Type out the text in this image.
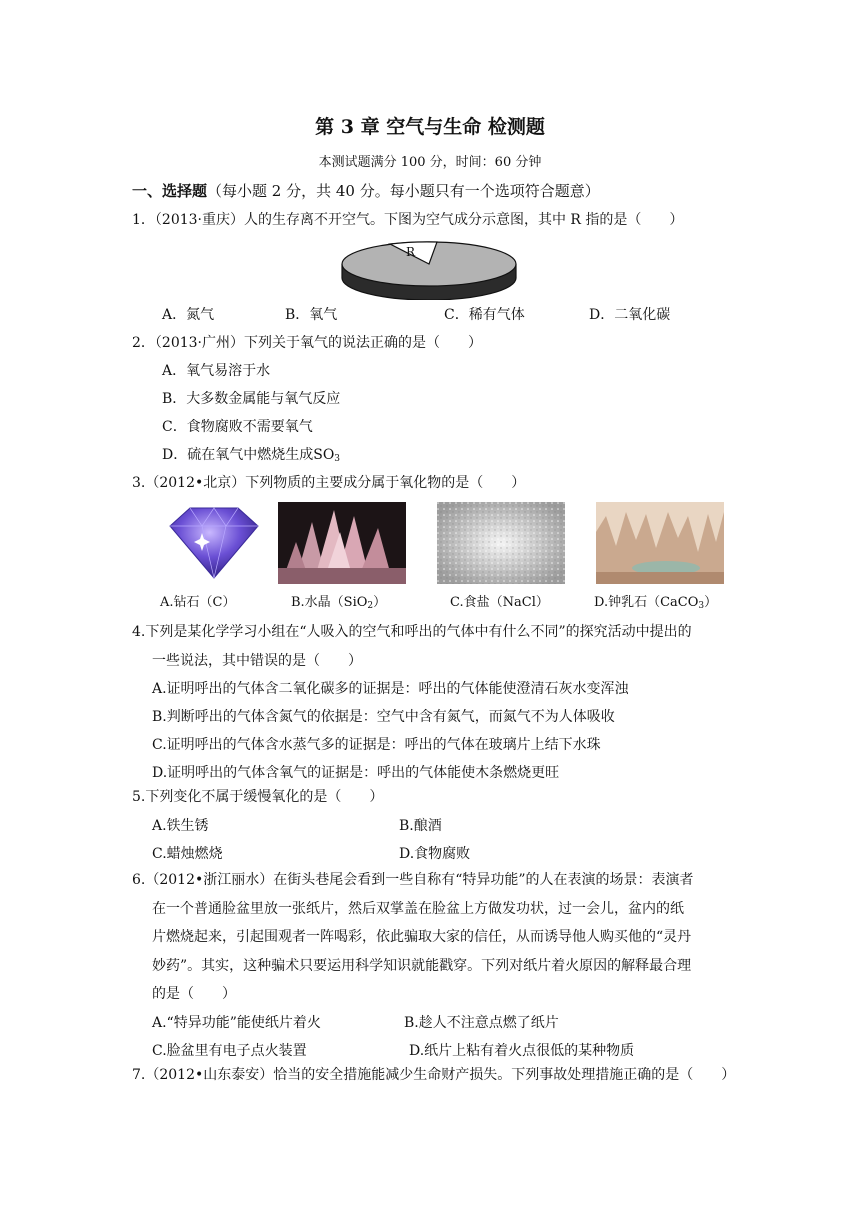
第 3 章 空气与生命 检测题
本测试题满分 100 分，时间：60 分钟
一、选择题（每小题 2 分，共 40 分。每小题只有一个选项符合题意）
1．（2013·重庆）人的生存离不开空气。下图为空气成分示意图，其中 R 指的是（　　）
R
A．氮气	B．氧气	C．稀有气体	D．二氧化碳
2．（2013·广州）下列关于氧气的说法正确的是（　　）
A．氧气易溶于水
B．大多数金属能与氧气反应
C．食物腐败不需要氧气
D．硫在氧气中燃烧生成SO3
3.（2012•北京）下列物质的主要成分属于氧化物的是（　　）
A.钻石（C）	B.水晶（SiO2）	C.食盐（NaCl）	D.钟乳石（CaCO3）
4.下列是某化学学习小组在“人吸入的空气和呼出的气体中有什么不同”的探究活动中提出的
一些说法，其中错误的是（　　）
A.证明呼出的气体含二氧化碳多的证据是：呼出的气体能使澄清石灰水变浑浊
B.判断呼出的气体含氮气的依据是：空气中含有氮气，而氮气不为人体吸收
C.证明呼出的气体含水蒸气多的证据是：呼出的气体在玻璃片上结下水珠
D.证明呼出的气体含氧气的证据是：呼出的气体能使木条燃烧更旺
5.下列变化不属于缓慢氧化的是（　　）
A.铁生锈	B.酿酒
C.蜡烛燃烧	D.食物腐败
6.（2012•浙江丽水）在街头巷尾会看到一些自称有“特异功能”的人在表演的场景：表演者
在一个普通脸盆里放一张纸片，然后双掌盖在脸盆上方做发功状，过一会儿，盆内的纸
片燃烧起来，引起围观者一阵喝彩，依此骗取大家的信任，从而诱导他人购买他的“灵丹
妙药”。其实，这种骗术只要运用科学知识就能戳穿。下列对纸片着火原因的解释最合理
的是（　　）
A.“特异功能”能使纸片着火	B.趁人不注意点燃了纸片
C.脸盆里有电子点火装置	D.纸片上粘有着火点很低的某种物质
7.（2012•山东泰安）恰当的安全措施能减少生命财产损失。下列事故处理措施正确的是（　　）
